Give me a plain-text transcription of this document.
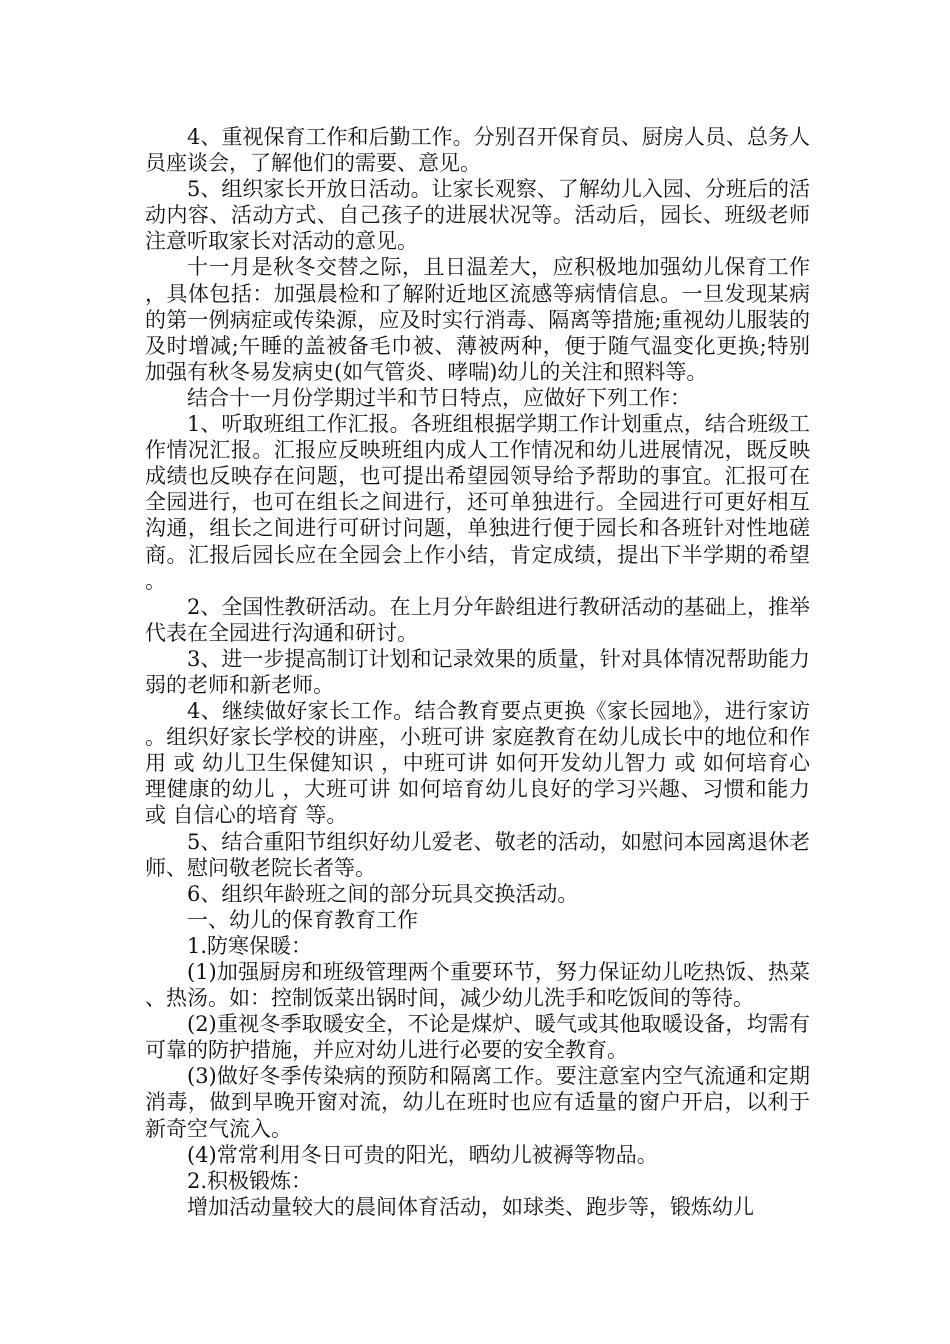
4、重视保育工作和后勤工作。分别召开保育员、厨房人员、总务人员座谈会，了解他们的需要、意见。

5、组织家长开放日活动。让家长观察、了解幼儿入园、分班后的活动内容、活动方式、自己孩子的进展状况等。活动后，园长、班级老师注意听取家长对活动的意见。

十一月是秋冬交替之际，且日温差大，应积极地加强幼儿保育工作，具体包括：加强晨检和了解附近地区流感等病情信息。一旦发现某病的第一例病症或传染源，应及时实行消毒、隔离等措施;重视幼儿服装的及时增减;午睡的盖被备毛巾被、薄被两种，便于随气温变化更换;特别加强有秋冬易发病史(如气管炎、哮喘)幼儿的关注和照料等。

结合十一月份学期过半和节日特点，应做好下列工作：

1、听取班组工作汇报。各班组根据学期工作计划重点，结合班级工作情况汇报。汇报应反映班组内成人工作情况和幼儿进展情况，既反映成绩也反映存在问题，也可提出希望园领导给予帮助的事宜。汇报可在全园进行，也可在组长之间进行，还可单独进行。全园进行可更好相互沟通，组长之间进行可研讨问题，单独进行便于园长和各班针对性地磋商。汇报后园长应在全园会上作小结，肯定成绩，提出下半学期的希望。

2、全国性教研活动。在上月分年龄组进行教研活动的基础上，推举代表在全园进行沟通和研讨。

3、进一步提高制订计划和记录效果的质量，针对具体情况帮助能力弱的老师和新老师。

4、继续做好家长工作。结合教育要点更换《家长园地》，进行家访。组织好家长学校的讲座，小班可讲 家庭教育在幼儿成长中的地位和作用 或 幼儿卫生保健知识 ，中班可讲 如何开发幼儿智力 或 如何培育心理健康的幼儿 ，大班可讲 如何培育幼儿良好的学习兴趣、习惯和能力 或 自信心的培育 等。

5、结合重阳节组织好幼儿爱老、敬老的活动，如慰问本园离退休老师、慰问敬老院长者等。

6、组织年龄班之间的部分玩具交换活动。

一、幼儿的保育教育工作

1.防寒保暖：

(1)加强厨房和班级管理两个重要环节，努力保证幼儿吃热饭、热菜、热汤。如：控制饭菜出锅时间，减少幼儿洗手和吃饭间的等待。

(2)重视冬季取暖安全，不论是煤炉、暖气或其他取暖设备，均需有可靠的防护措施，并应对幼儿进行必要的安全教育。

(3)做好冬季传染病的预防和隔离工作。要注意室内空气流通和定期消毒，做到早晚开窗对流，幼儿在班时也应有适量的窗户开启，以利于新奇空气流入。

(4)常常利用冬日可贵的阳光，晒幼儿被褥等物品。

2.积极锻炼：

增加活动量较大的晨间体育活动，如球类、跑步等，锻炼幼儿
